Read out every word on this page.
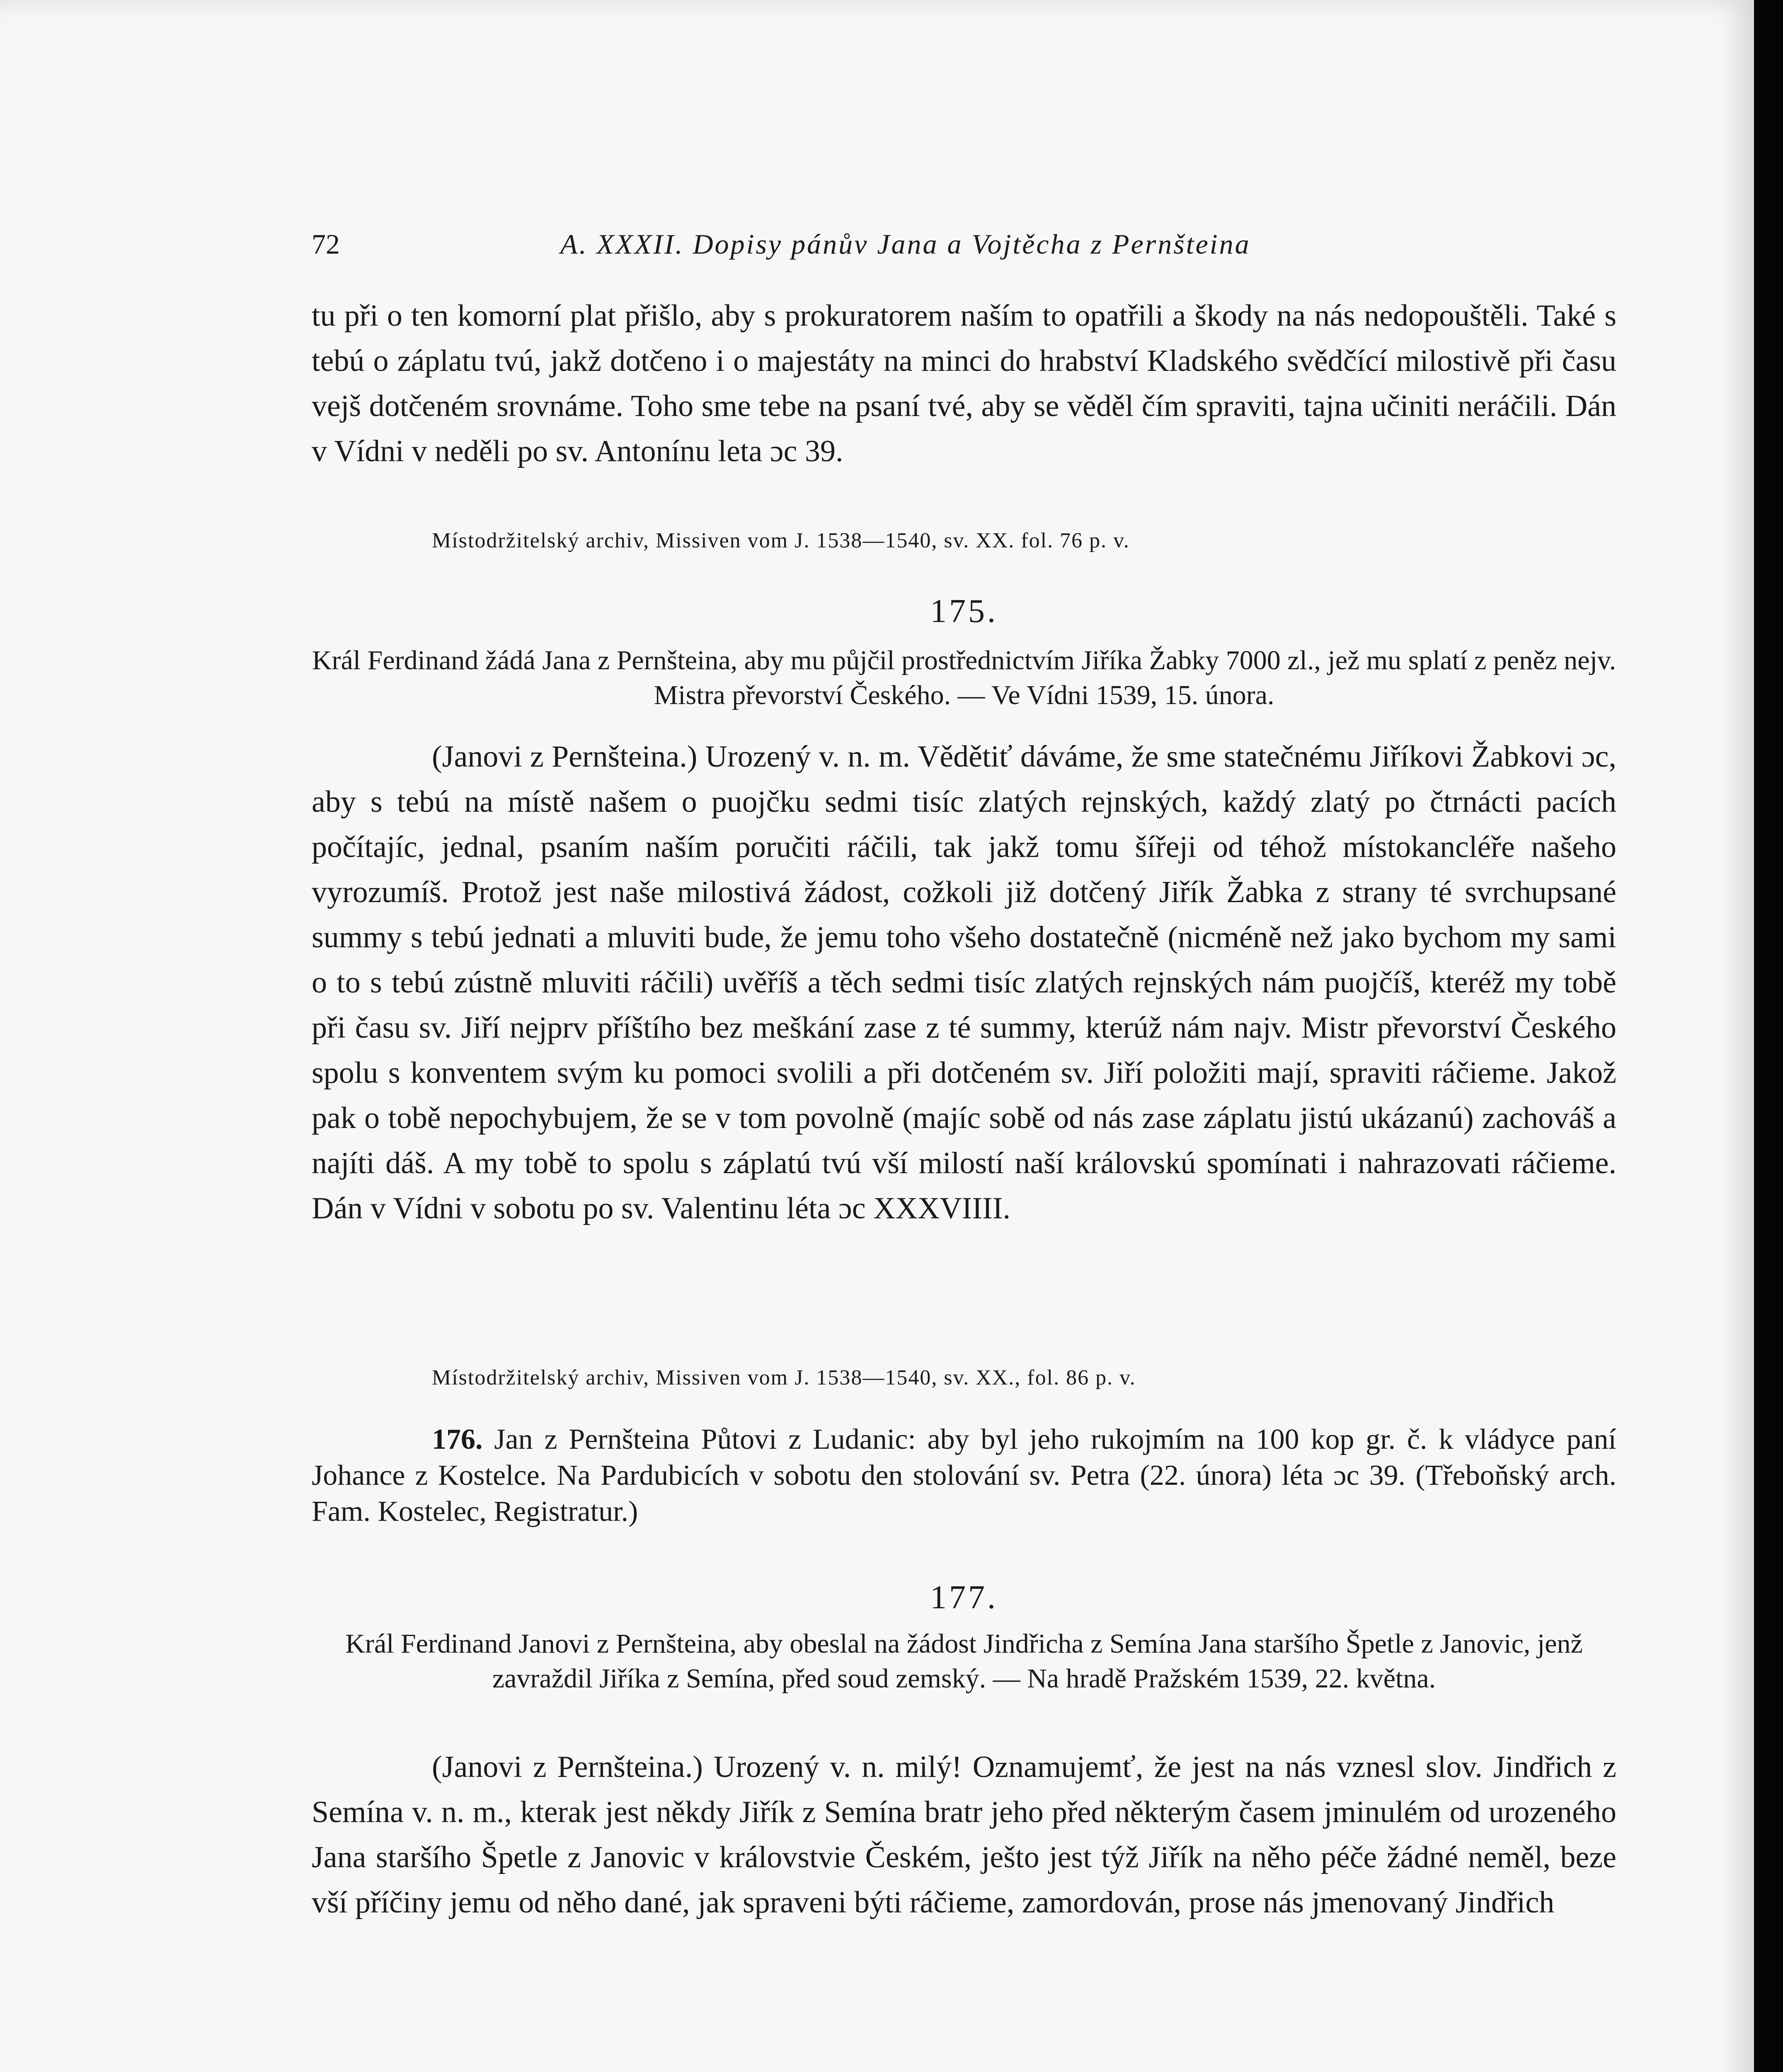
72	A. XXXII. Dopisy pánův Jana a Vojtěcha z Pernšteina

tu při o ten komorní plat přišlo, aby s prokuratorem naším to opatřili a škody na nás nedopouštěli. Také s tebú o záplatu tvú, jakž dotčeno i o majestáty na minci do hrabství Kladského svědčící milostivě při času vejš dotčeném srovnáme. Toho sme tebe na psaní tvé, aby se věděl čím spraviti, tajna učiniti neráčili. Dán v Vídni v neděli po sv. Antonínu leta ɔc 39.

Místodržitelský archiv, Missiven vom J. 1538—1540, sv. XX. fol. 76 p. v.

175.

Král Ferdinand žádá Jana z Pernšteina, aby mu půjčil prostřednictvím Jiříka Žabky 7000 zl., jež mu splatí z peněz nejv. Mistra převorství Českého. — Ve Vídni 1539, 15. února.

(Janovi z Pernšteina.) Urozený v. n. m. Vědětiť dáváme, že sme statečnému Jiříkovi Žabkovi ɔc, aby s tebú na místě našem o puojčku sedmi tisíc zlatých rejnských, každý zlatý po čtrnácti pacích počítajíc, jednal, psaním naším poručiti ráčili, tak jakž tomu šířeji od téhož místokancléře našeho vyrozumíš. Protož jest naše milostivá žádost, cožkoli již dotčený Jiřík Žabka z strany té svrchupsané summy s tebú jednati a mluviti bude, že jemu toho všeho dostatečně (nicméně než jako bychom my sami o to s tebú zústně mluviti ráčili) uvěříš a těch sedmi tisíc zlatých rejnských nám puojčíš, kteréž my tobě při času sv. Jiří nejprv příštího bez meškání zase z té summy, kterúž nám najv. Mistr převorství Českého spolu s konventem svým ku pomoci svolili a při dotčeném sv. Jiří položiti mají, spraviti ráčieme. Jakož pak o tobě nepochybujem, že se v tom povolně (majíc sobě od nás zase záplatu jistú ukázanú) zachováš a najíti dáš. A my tobě to spolu s záplatú tvú vší milostí naší královskú spomínati i nahrazovati ráčieme. Dán v Vídni v sobotu po sv. Valentinu léta ɔc XXXVIIII.

Místodržitelský archiv, Missiven vom J. 1538—1540, sv. XX., fol. 86 p. v.

176. Jan z Pernšteina Půtovi z Ludanic: aby byl jeho rukojmím na 100 kop gr. č. k vládyce paní Johance z Kostelce. Na Pardubicích v sobotu den stolování sv. Petra (22. února) léta ɔc 39. (Třeboňský arch. Fam. Kostelec, Registratur.)

177.

Král Ferdinand Janovi z Pernšteina, aby obeslal na žádost Jindřicha z Semína Jana staršího Špetle z Janovic, jenž zavraždil Jiříka z Semína, před soud zemský. — Na hradě Pražském 1539, 22. května.

(Janovi z Pernšteina.) Urozený v. n. milý! Oznamujemť, že jest na nás vznesl slov. Jindřich z Semína v. n. m., kterak jest někdy Jiřík z Semína bratr jeho před některým časem jminulém od urozeného Jana staršího Špetle z Janovic v královstvie Českém, ješto jest týž Jiřík na něho péče žádné neměl, beze vší příčiny jemu od něho dané, jak spraveni býti ráčieme, zamordován, prose nás jmenovaný Jindřich
